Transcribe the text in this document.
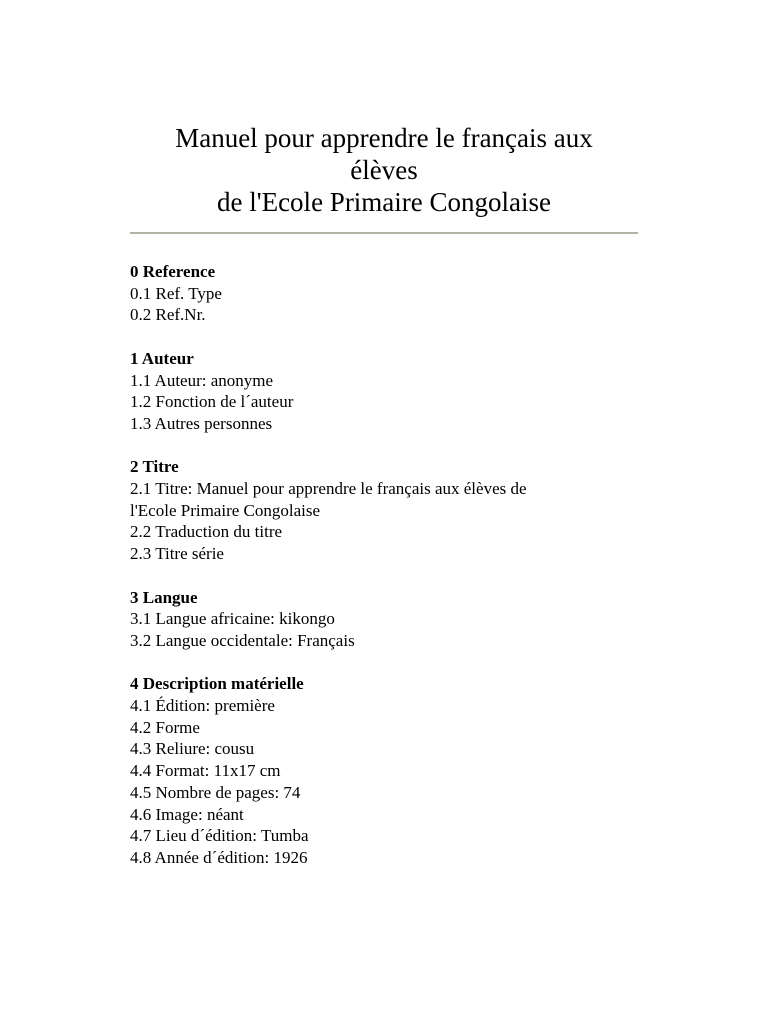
Manuel pour apprendre le français aux
élèves
de l'Ecole Primaire Congolaise
0 Reference
0.1 Ref. Type
0.2 Ref.Nr.
1 Auteur
1.1 Auteur: anonyme
1.2 Fonction de l´auteur
1.3 Autres personnes
2 Titre
2.1 Titre: Manuel pour apprendre le français aux élèves de
l'Ecole Primaire Congolaise
2.2 Traduction du titre
2.3 Titre série
3 Langue
3.1 Langue africaine: kikongo
3.2 Langue occidentale: Français
4 Description matérielle
4.1 Édition: première
4.2 Forme
4.3 Reliure: cousu
4.4 Format: 11x17 cm
4.5 Nombre de pages: 74
4.6 Image: néant
4.7 Lieu d´édition: Tumba
4.8 Année d´édition: 1926
